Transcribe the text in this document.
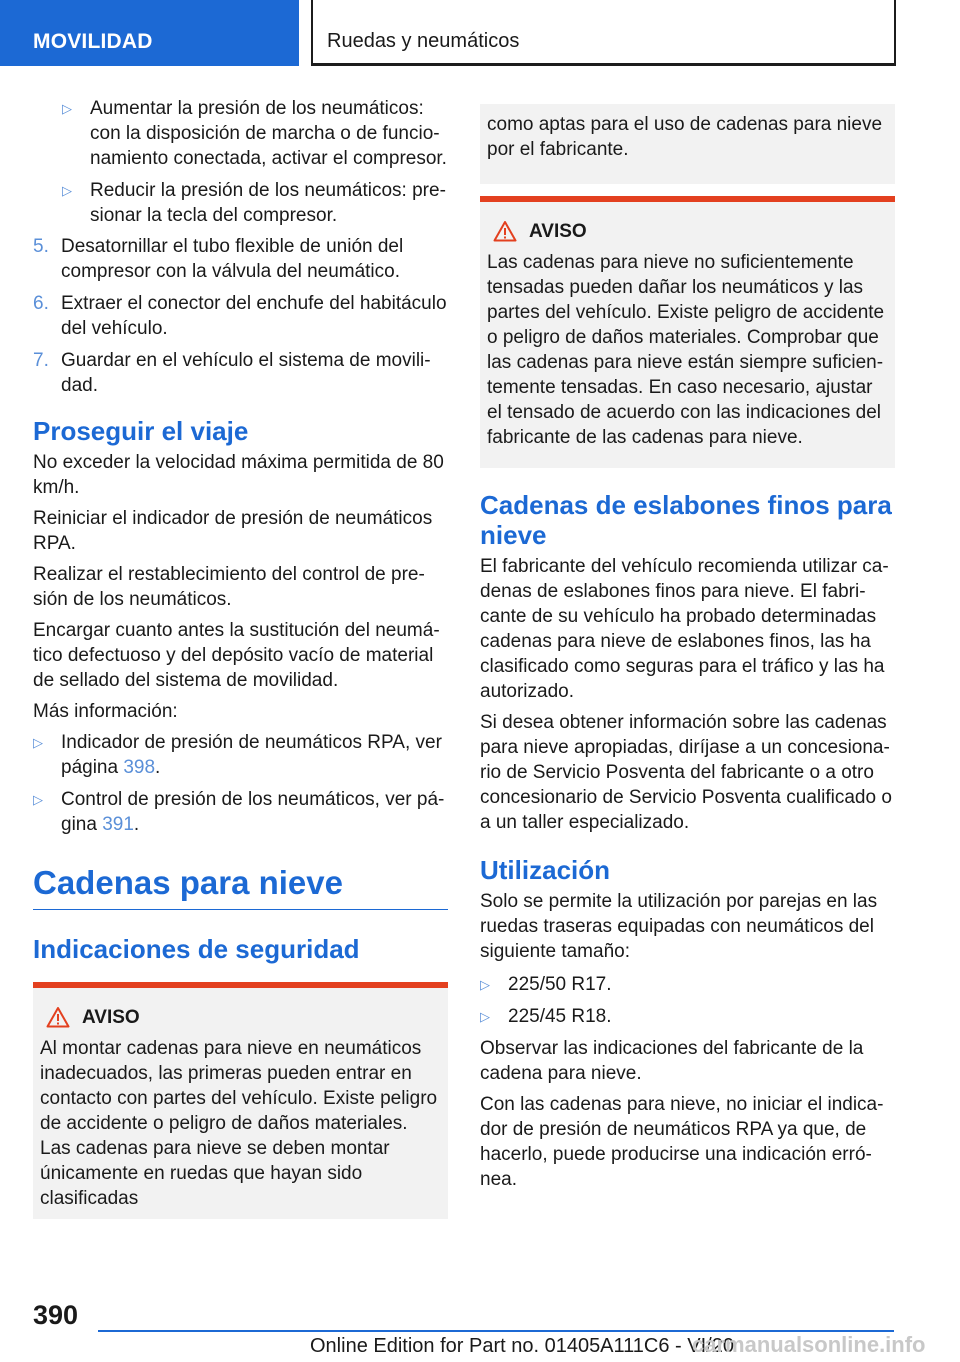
MOVILIDAD	Ruedas y neumáticos
▷ Aumentar la presión de los neumáticos: con la disposición de marcha o de funcionamiento conectada, activar el compresor.
▷ Reducir la presión de los neumáticos: presionar la tecla del compresor.
5. Desatornillar el tubo flexible de unión del compresor con la válvula del neumático.
6. Extraer el conector del enchufe del habitáculo del vehículo.
7. Guardar en el vehículo el sistema de movilidad.
Proseguir el viaje

No exceder la velocidad máxima permitida de 80 km/h.

Reiniciar el indicador de presión de neumáticos RPA.

Realizar el restablecimiento del control de presión de los neumáticos.

Encargar cuanto antes la sustitución del neumático defectuoso y del depósito vacío de material de sellado del sistema de movilidad.

Más información:

▷ Indicador de presión de neumáticos RPA, ver página 398.
▷ Control de presión de los neumáticos, ver página 391.
Cadenas para nieve
Indicaciones de seguridad
AVISO
Al montar cadenas para nieve en neumáticos inadecuados, las primeras pueden entrar en contacto con partes del vehículo. Existe peligro de accidente o peligro de daños materiales. Las cadenas para nieve se deben montar únicamente en ruedas que hayan sido clasificadas
como aptas para el uso de cadenas para nieve por el fabricante.
AVISO
Las cadenas para nieve no suficientemente tensadas pueden dañar los neumáticos y las partes del vehículo. Existe peligro de accidente o peligro de daños materiales. Comprobar que las cadenas para nieve están siempre suficientemente tensadas. En caso necesario, ajustar el tensado de acuerdo con las indicaciones del fabricante de las cadenas para nieve.
Cadenas de eslabones finos para nieve

El fabricante del vehículo recomienda utilizar cadenas de eslabones finos para nieve. El fabricante de su vehículo ha probado determinadas cadenas para nieve de eslabones finos, las ha clasificado como seguras para el tráfico y las ha autorizado.

Si desea obtener información sobre las cadenas para nieve apropiadas, diríjase a un concesionario de Servicio Posventa del fabricante o a otro concesionario de Servicio Posventa cualificado o a un taller especializado.

Utilización

Solo se permite la utilización por parejas en las ruedas traseras equipadas con neumáticos del siguiente tamaño:

▷ 225/50 R17.
▷ 225/45 R18.

Observar las indicaciones del fabricante de la cadena para nieve.

Con las cadenas para nieve, no iniciar el indicador de presión de neumáticos RPA ya que, de hacerlo, puede producirse una indicación errónea.

390
Online Edition for Part no. 01405A111C6 - VI/20
carmanualsonline.info
